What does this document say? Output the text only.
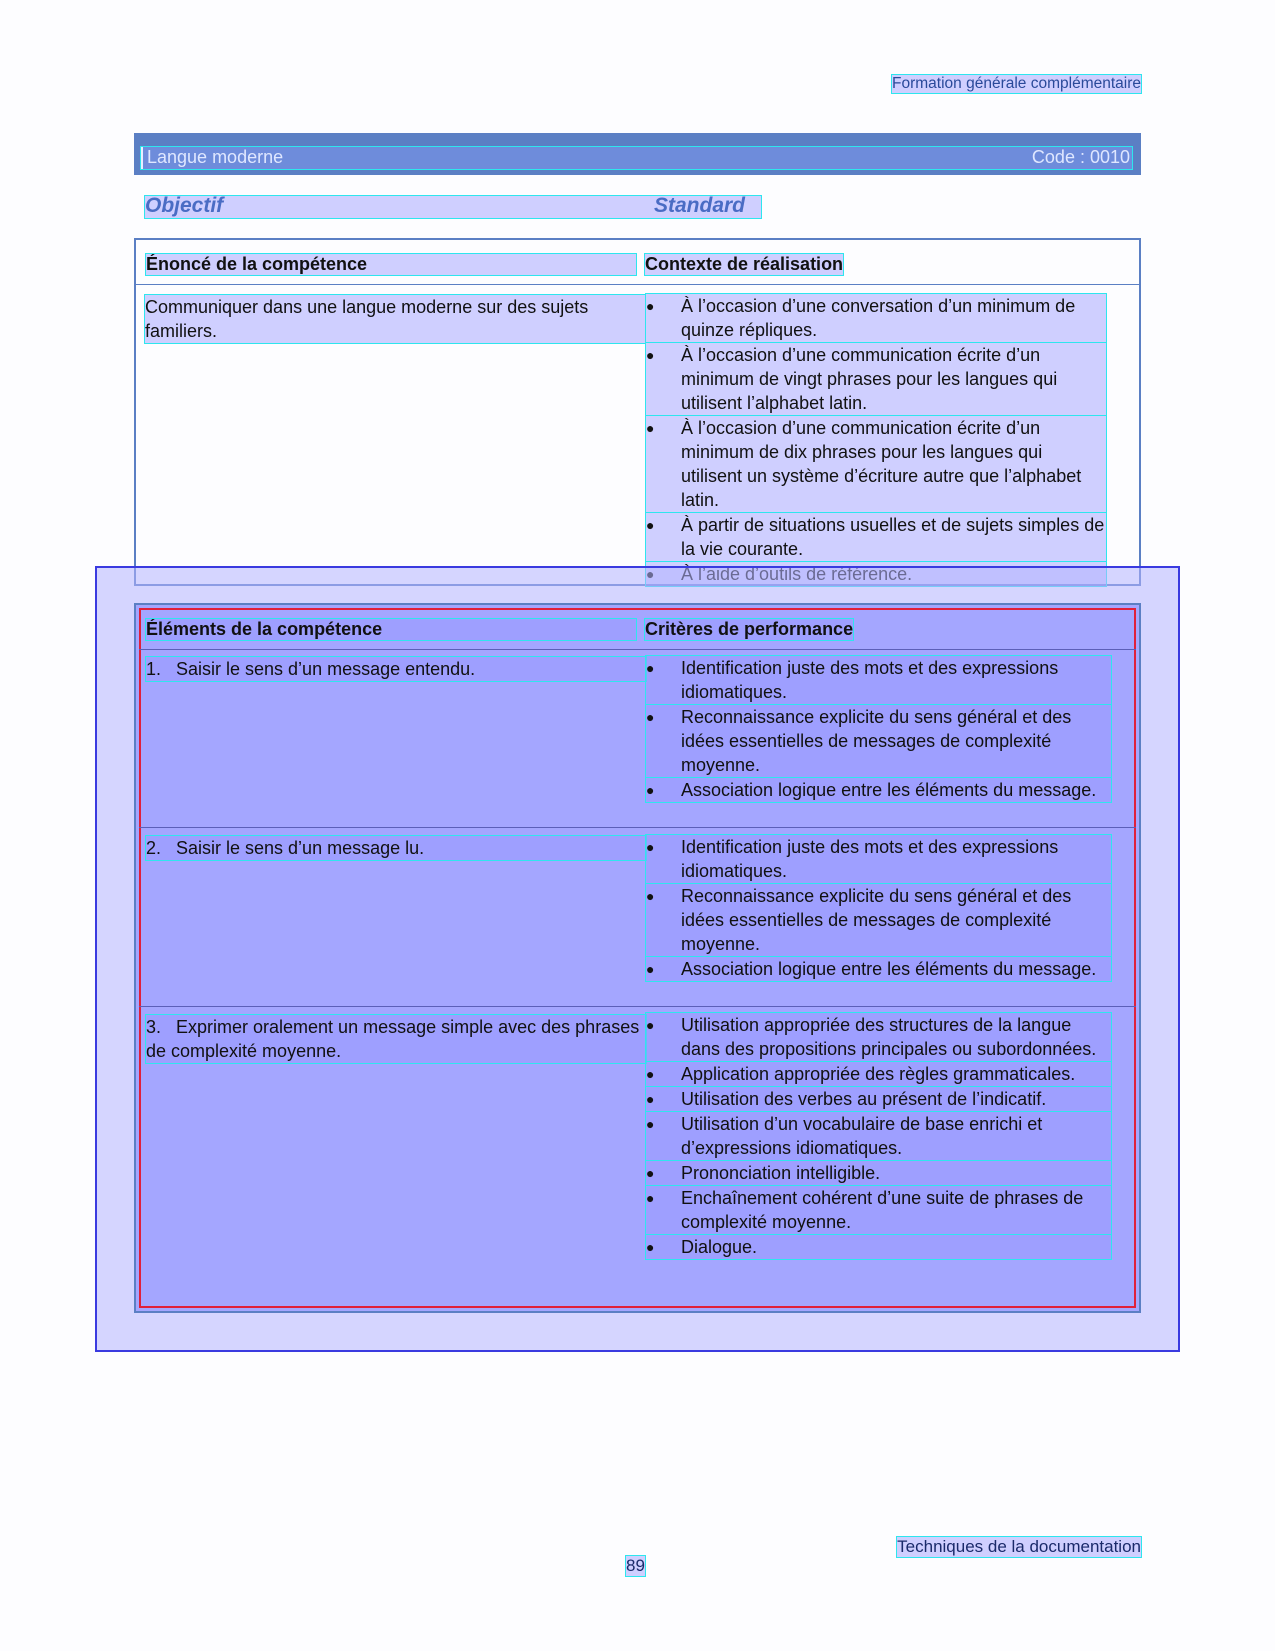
Formation générale complémentaire
Langue moderne	Code : 0010
Objectif	Standard
Énoncé de la compétence	Contexte de réalisation
Communiquer dans une langue moderne sur des sujets familiers.
● À l’occasion d’une conversation d’un minimum de quinze répliques.
● À l’occasion d’une communication écrite d’un minimum de vingt phrases pour les langues qui utilisent l’alphabet latin.
● À l’occasion d’une communication écrite d’un minimum de dix phrases pour les langues qui utilisent un système d’écriture autre que l’alphabet latin.
● À partir de situations usuelles et de sujets simples de la vie courante.
Éléments de la compétence	Critères de performance
1. Saisir le sens d’un message entendu.	● Identification juste des mots et des expressions idiomatiques.
● Reconnaissance explicite du sens général et des idées essentielles de messages de complexité moyenne.
● Association logique entre les éléments du message.
2. Saisir le sens d’un message lu.	● Identification juste des mots et des expressions idiomatiques.
● Reconnaissance explicite du sens général et des idées essentielles de messages de complexité moyenne.
● Association logique entre les éléments du message.
3. Exprimer oralement un message simple avec des phrases de complexité moyenne.
● Utilisation appropriée des structures de la langue dans des propositions principales ou subordonnées.
● Application appropriée des règles grammaticales.
● Utilisation des verbes au présent de l’indicatif.
● Utilisation d’un vocabulaire de base enrichi et d’expressions idiomatiques.
● Prononciation intelligible.
● Enchaînement cohérent d’une suite de phrases de complexité moyenne.
● Dialogue.
Techniques de la documentation
89
